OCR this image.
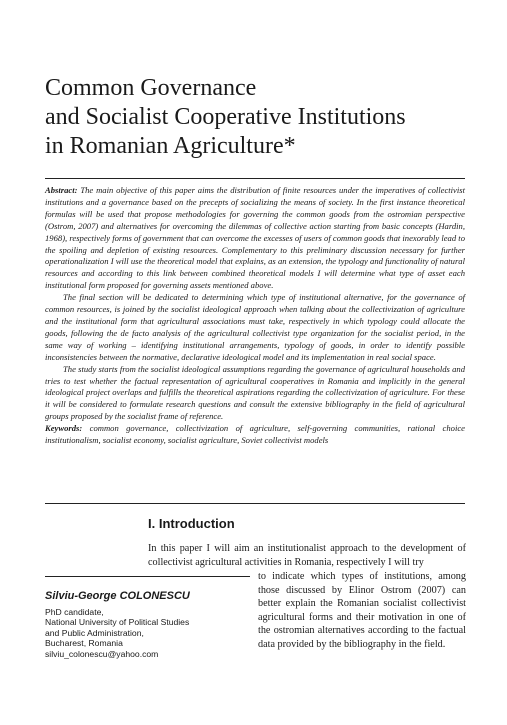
Common Governance
and Socialist Cooperative Institutions
in Romanian Agriculture*

Abstract: The main objective of this paper aims the distribution of finite resources under the imperatives of collectivist institutions and a governance based on the precepts of socializing the means of society. In the first instance theoretical formulas will be used that propose methodologies for governing the common goods from the ostromian perspective (Ostrom, 2007) and alternatives for overcoming the dilemmas of collective action starting from basic concepts (Hardin, 1968), respectively forms of government that can overcome the excesses of users of common goods that inexorably lead to the spoiling and depletion of existing resources. Complementary to this preliminary discussion necessary for further operationalization I will use the theoretical model that explains, as an extension, the typology and functionality of natural resources and according to this link between combined theoretical models I will determine what type of asset each institutional form proposed for governing assets mentioned above.

The final section will be dedicated to determining which type of institutional alternative, for the governance of common resources, is joined by the socialist ideological approach when talking about the collectivization of agriculture and the institutional form that agricultural associations must take, respectively in which typology could allocate the goods, following the de facto analysis of the agricultural collectivist type organization for the socialist period, in the same way of working – identifying institutional arrangements, typology of goods, in order to identify possible inconsistencies between the normative, declarative ideological model and its implementation in real social space.

The study starts from the socialist ideological assumptions regarding the governance of agricultural households and tries to test whether the factual representation of agricultural cooperatives in Romania and implicitly in the general ideological project overlaps and fulfills the theoretical aspirations regarding the collectivization of agriculture. For these it will be considered to formulate research questions and consult the extensive bibliography in the field of agricultural groups proposed by the socialist frame of reference.

Keywords: common governance, collectivization of agriculture, self-governing communities, rational choice institutionalism, socialist economy, socialist agriculture, Soviet collectivist models

I. Introduction

In this paper I will aim an institutionalist approach to the development of collectivist agricultural activities in Romania, respectively I will try

to indicate which types of institutions, among those discussed by Elinor Ostrom (2007) can better explain the Romanian socialist collectivist agricultural forms and their motivation in one of the ostromian alternatives according to the factual data provided by the bibliography in the field.

Silviu-George COLONESCU
PhD candidate,
National University of Political Studies
and Public Administration,
Bucharest, Romania
silviu_colonescu@yahoo.com
